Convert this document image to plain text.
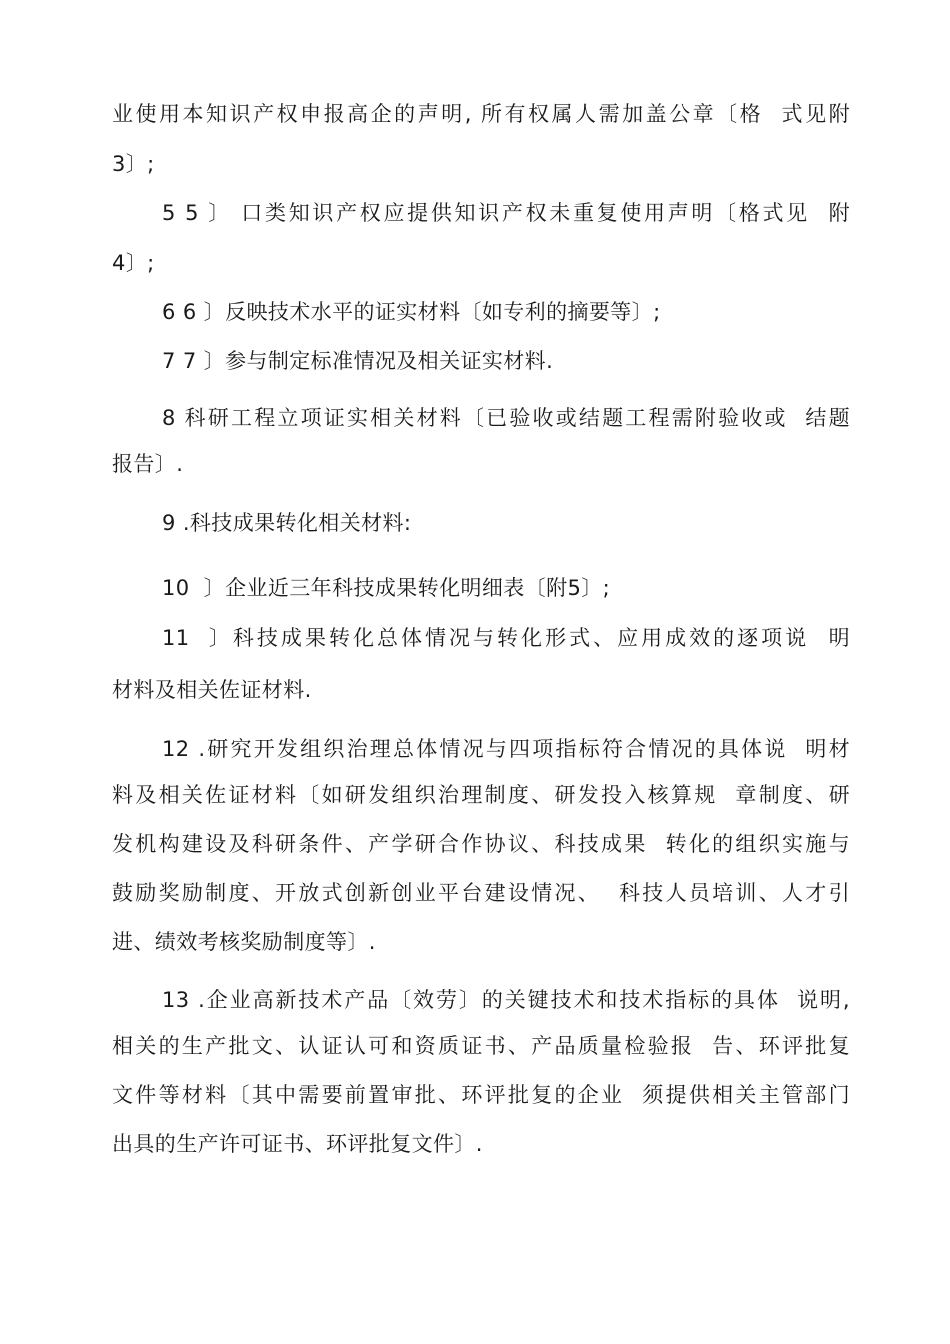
业使用本知识产权申报高企的声明, 所有权属人需加盖公章〔格  式见附
3〕;
5 5 〕 口类知识产权应提供知识产权未重复使用声明〔格式见  附
4〕;
6 6 〕反映技术水平的证实材料〔如专利的摘要等〕;
7 7 〕参与制定标准情况及相关证实材料.
8 科研工程立项证实相关材料〔已验收或结题工程需附验收或  结题
报告〕.
9 .科技成果转化相关材料:
10  〕企业近三年科技成果转化明细表〔附5〕;
11  〕科技成果转化总体情况与转化形式、应用成效的逐项说  明
材料及相关佐证材料.
12 .研究开发组织治理总体情况与四项指标符合情况的具体说  明材
料及相关佐证材料〔如研发组织治理制度、研发投入核算规  章制度、研
发机构建设及科研条件、产学研合作协议、科技成果  转化的组织实施与
鼓励奖励制度、开放式创新创业平台建设情况、  科技人员培训、人才引
进、绩效考核奖励制度等〕.
13 .企业高新技术产品〔效劳〕的关键技术和技术指标的具体  说明,
相关的生产批文、认证认可和资质证书、产品质量检验报  告、环评批复
文件等材料〔其中需要前置审批、环评批复的企业  须提供相关主管部门
出具的生产许可证书、环评批复文件〕.
